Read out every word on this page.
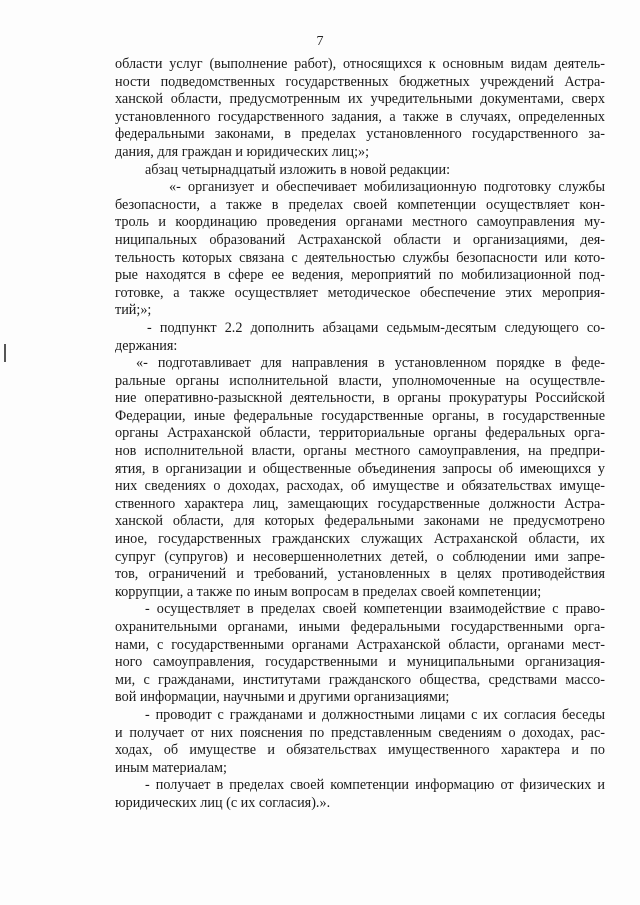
7
области услуг (выполнение работ), относящихся к основным видам деятель-
ности подведомственных государственных бюджетных учреждений Астра-
ханской области, предусмотренным их учредительными документами, сверх
установленного государственного задания, а также в случаях, определенных
федеральными законами, в пределах установленного государственного за-
дания, для граждан и юридических лиц;»;
абзац четырнадцатый изложить в новой редакции:
«- организует и обеспечивает мобилизационную подготовку службы
безопасности, а также в пределах своей компетенции осуществляет кон-
троль и координацию проведения органами местного самоуправления му-
ниципальных образований Астраханской области и организациями, дея-
тельность которых связана с деятельностью службы безопасности или кото-
рые находятся в сфере ее ведения, мероприятий по мобилизационной под-
готовке, а также осуществляет методическое обеспечение этих мероприя-
тий;»;
- подпункт 2.2 дополнить абзацами седьмым-десятым следующего со-
держания:
«- подготавливает для направления в установленном порядке в феде-
ральные органы исполнительной власти, уполномоченные на осуществле-
ние оперативно-разыскной деятельности, в органы прокуратуры Российской
Федерации, иные федеральные государственные органы, в государственные
органы Астраханской области, территориальные органы федеральных орга-
нов исполнительной власти, органы местного самоуправления, на предпри-
ятия, в организации и общественные объединения запросы об имеющихся у
них сведениях о доходах, расходах, об имуществе и обязательствах имуще-
ственного характера лиц, замещающих государственные должности Астра-
ханской области, для которых федеральными законами не предусмотрено
иное, государственных гражданских служащих Астраханской области, их
супруг (супругов) и несовершеннолетних детей, о соблюдении ими запре-
тов, ограничений и требований, установленных в целях противодействия
коррупции, а также по иным вопросам в пределах своей компетенции;
- осуществляет в пределах своей компетенции взаимодействие с право-
охранительными органами, иными федеральными государственными орга-
нами, с государственными органами Астраханской области, органами мест-
ного самоуправления, государственными и муниципальными организация-
ми, с гражданами, институтами гражданского общества, средствами массо-
вой информации, научными и другими организациями;
- проводит с гражданами и должностными лицами с их согласия беседы
и получает от них пояснения по представленным сведениям о доходах, рас-
ходах, об имуществе и обязательствах имущественного характера и по
иным материалам;
- получает в пределах своей компетенции информацию от физических и
юридических лиц (с их согласия).».
